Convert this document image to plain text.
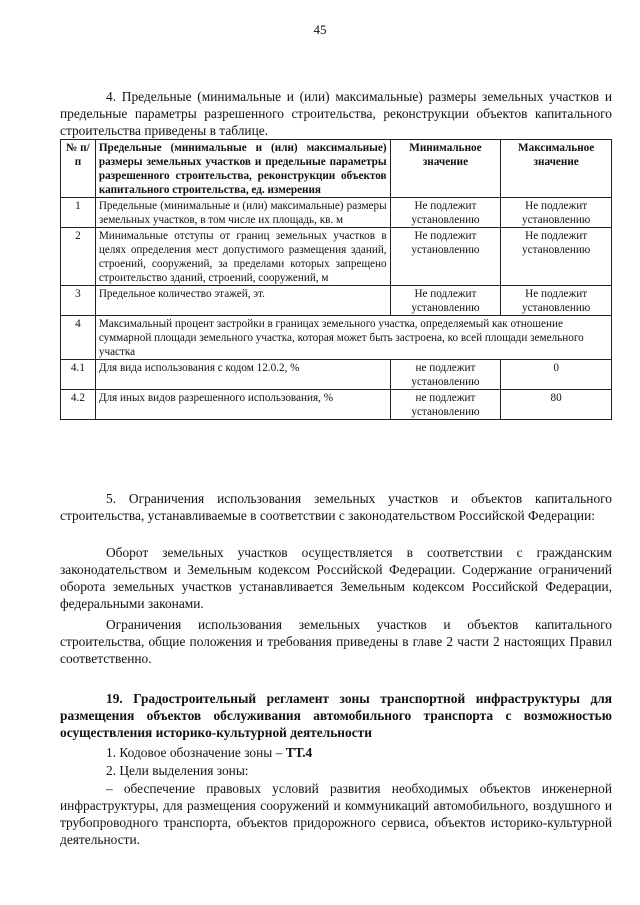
45
4. Предельные (минимальные и (или) максимальные) размеры земельных участков и предельные параметры разрешенного строительства, реконструкции объектов капитального строительства приведены в таблице.
№ п/п	Предельные (минимальные и (или) максимальные) размеры земельных участков и предельные параметры разрешенного строительства, реконструкции объектов капитального строительства, ед. измерения	Минимальное значение	Максимальное значение
1	Предельные (минимальные и (или) максимальные) размеры земельных участков, в том числе их площадь, кв. м	Не подлежит установлению	Не подлежит установлению
2	Минимальные отступы от границ земельных участков в целях определения мест допустимого размещения зданий, строений, сооружений, за пределами которых запрещено строительство зданий, строений, сооружений, м	Не подлежит установлению	Не подлежит установлению
3	Предельное количество этажей, эт.	Не подлежит установлению	Не подлежит установлению
4	Максимальный процент застройки в границах земельного участка, определяемый как отношение суммарной площади земельного участка, которая может быть застроена, ко всей площади земельного участка		
4.1	Для вида использования с кодом 12.0.2, %	не подлежит установлению	0
4.2	Для иных видов разрешенного использования, %	не подлежит установлению	80
5. Ограничения использования земельных участков и объектов капитального строительства, устанавливаемые в соответствии с законодательством Российской Федерации:
Оборот земельных участков осуществляется в соответствии с гражданским законодательством и Земельным кодексом Российской Федерации. Содержание ограничений оборота земельных участков устанавливается Земельным кодексом Российской Федерации, федеральными законами.
Ограничения использования земельных участков и объектов капитального строительства, общие положения и требования приведены в главе 2 части 2 настоящих Правил соответственно.
19. Градостроительный регламент зоны транспортной инфраструктуры для размещения объектов обслуживания автомобильного транспорта с возможностью осуществления историко-культурной деятельности
1. Кодовое обозначение зоны – ТТ.4
2. Цели выделения зоны:
– обеспечение правовых условий развития необходимых объектов инженерной инфраструктуры, для размещения сооружений и коммуникаций автомобильного, воздушного и трубопроводного транспорта, объектов придорожного сервиса, объектов историко-культурной деятельности.
